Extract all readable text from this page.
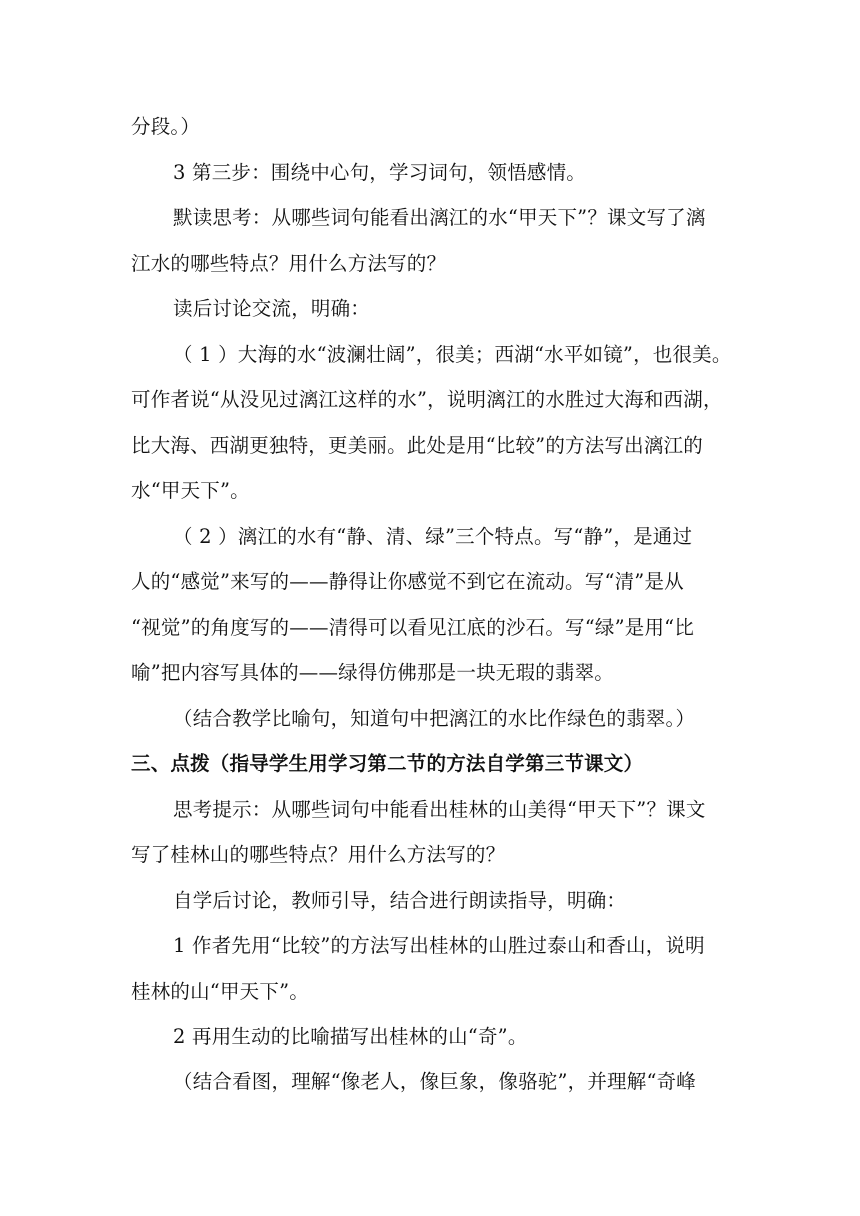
分段。）
3 第三步：围绕中心句，学习词句，领悟感情。
默读思考：从哪些词句能看出漓江的水“甲天下”？课文写了漓
江水的哪些特点？用什么方法写的？
读后讨论交流，明确：
（ 1 ）大海的水“波澜壮阔”，很美；西湖“水平如镜”，也很美。
可作者说“从没见过漓江这样的水”，说明漓江的水胜过大海和西湖，
比大海、西湖更独特，更美丽。此处是用“比较”的方法写出漓江的
水“甲天下”。
（ 2 ）漓江的水有“静、清、绿”三个特点。写“静”，是通过
人的“感觉”来写的——静得让你感觉不到它在流动。写“清”是从
“视觉”的角度写的——清得可以看见江底的沙石。写“绿”是用“比
喻”把内容写具体的——绿得仿佛那是一块无瑕的翡翠。
（结合教学比喻句，知道句中把漓江的水比作绿色的翡翠。）
三、点拨（指导学生用学习第二节的方法自学第三节课文）
思考提示：从哪些词句中能看出桂林的山美得“甲天下”？课文
写了桂林山的哪些特点？用什么方法写的？
自学后讨论，教师引导，结合进行朗读指导，明确：
1 作者先用“比较”的方法写出桂林的山胜过泰山和香山，说明
桂林的山“甲天下”。
2 再用生动的比喻描写出桂林的山“奇”。
（结合看图，理解“像老人，像巨象，像骆驼”，并理解“奇峰
